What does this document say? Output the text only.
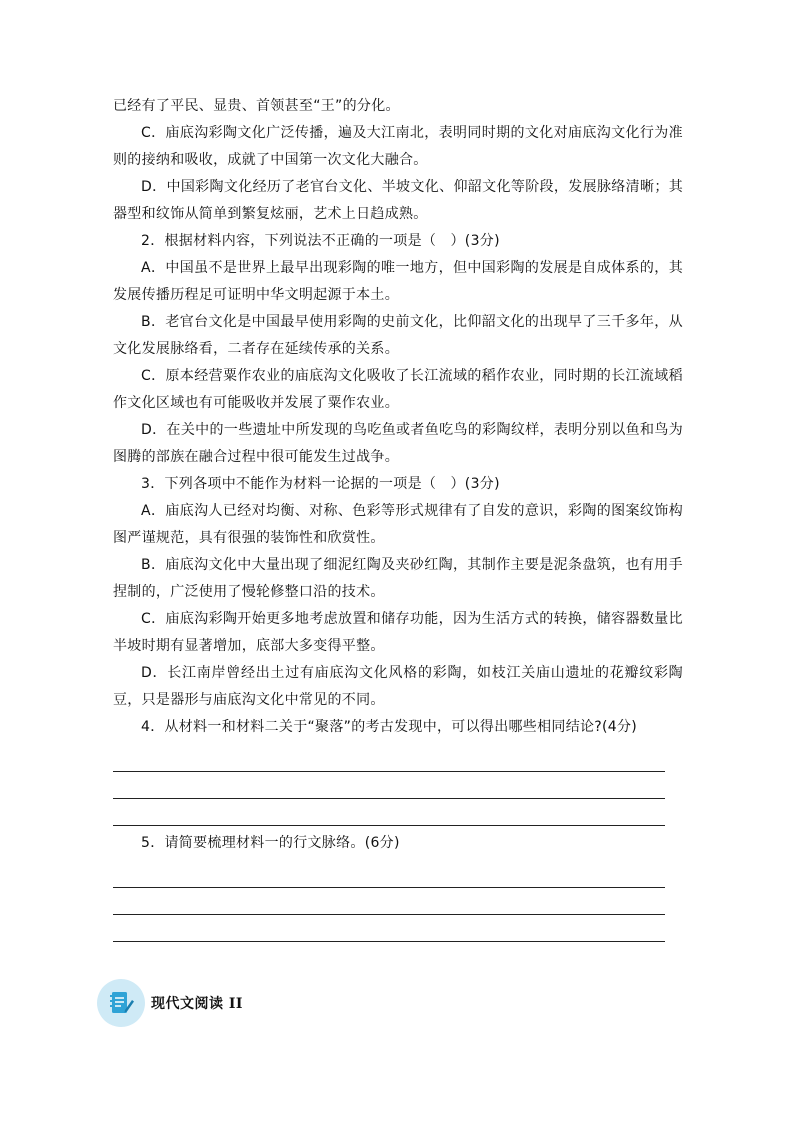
已经有了平民、显贵、首领甚至“王”的分化。

C．庙底沟彩陶文化广泛传播，遍及大江南北，表明同时期的文化对庙底沟文化行为准则的接纳和吸收，成就了中国第一次文化大融合。

D．中国彩陶文化经历了老官台文化、半坡文化、仰韶文化等阶段，发展脉络清晰；其器型和纹饰从简单到繁复炫丽，艺术上日趋成熟。

2．根据材料内容，下列说法不正确的一项是（　）(3分)

A．中国虽不是世界上最早出现彩陶的唯一地方，但中国彩陶的发展是自成体系的，其发展传播历程足可证明中华文明起源于本土。

B．老官台文化是中国最早使用彩陶的史前文化，比仰韶文化的出现早了三千多年，从文化发展脉络看，二者存在延续传承的关系。

C．原本经营粟作农业的庙底沟文化吸收了长江流域的稻作农业，同时期的长江流域稻作文化区域也有可能吸收并发展了粟作农业。

D．在关中的一些遗址中所发现的鸟吃鱼或者鱼吃鸟的彩陶纹样，表明分别以鱼和鸟为图腾的部族在融合过程中很可能发生过战争。

3．下列各项中不能作为材料一论据的一项是（　）(3分)

A．庙底沟人已经对均衡、对称、色彩等形式规律有了自发的意识，彩陶的图案纹饰构图严谨规范，具有很强的装饰性和欣赏性。

B．庙底沟文化中大量出现了细泥红陶及夹砂红陶，其制作主要是泥条盘筑，也有用手捏制的，广泛使用了慢轮修整口沿的技术。

C．庙底沟彩陶开始更多地考虑放置和储存功能，因为生活方式的转换，储容器数量比半坡时期有显著增加，底部大多变得平整。

D．长江南岸曾经出土过有庙底沟文化风格的彩陶，如枝江关庙山遗址的花瓣纹彩陶豆，只是器形与庙底沟文化中常见的不同。

4．从材料一和材料二关于“聚落”的考古发现中，可以得出哪些相同结论?(4分)

5．请简要梳理材料一的行文脉络。(6分)

现代文阅读 II
